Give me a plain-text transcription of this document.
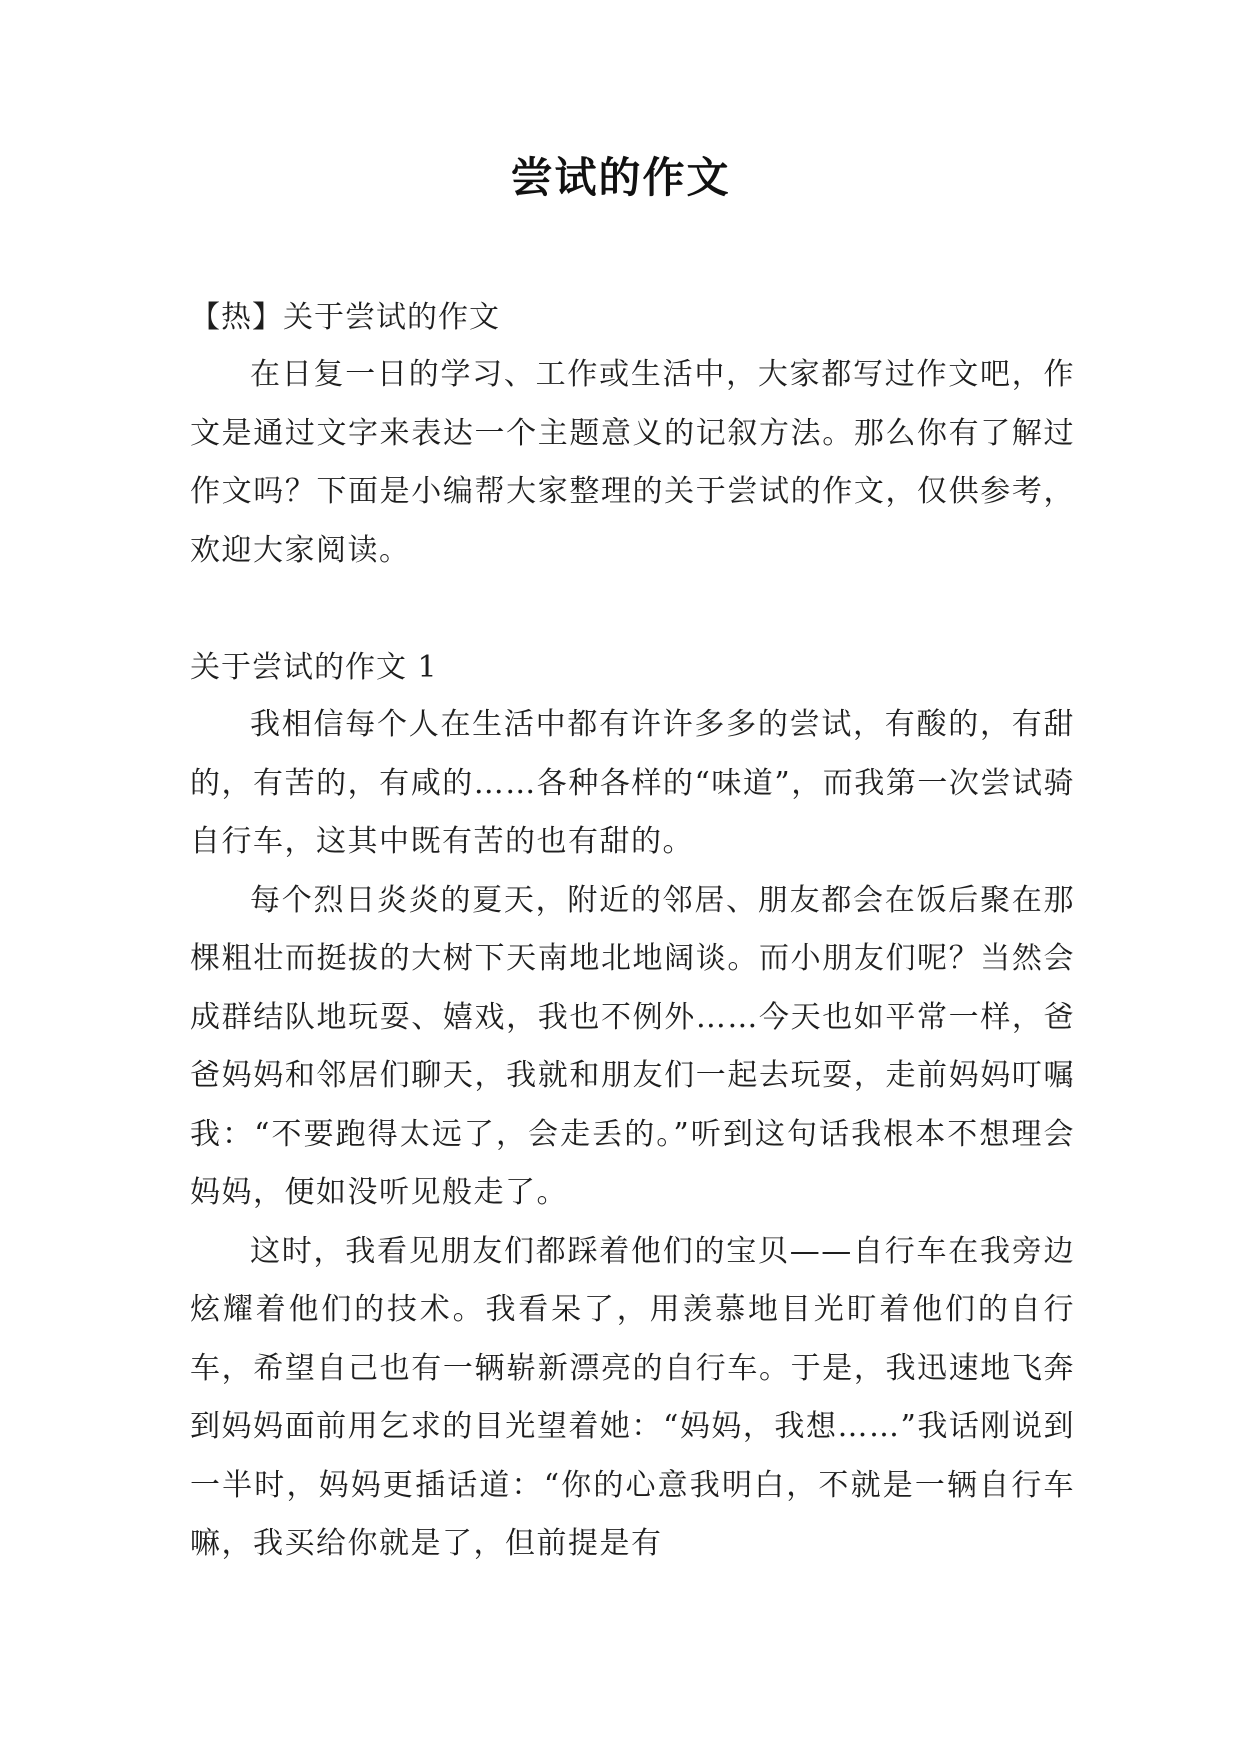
尝试的作文

【热】关于尝试的作文

在日复一日的学习、工作或生活中，大家都写过作文吧，作文是通过文字来表达一个主题意义的记叙方法。那么你有了解过作文吗？下面是小编帮大家整理的关于尝试的作文，仅供参考，欢迎大家阅读。

关于尝试的作文 1

我相信每个人在生活中都有许许多多的尝试，有酸的，有甜的，有苦的，有咸的……各种各样的“味道”，而我第一次尝试骑自行车，这其中既有苦的也有甜的。

每个烈日炎炎的夏天，附近的邻居、朋友都会在饭后聚在那棵粗壮而挺拔的大树下天南地北地阔谈。而小朋友们呢？当然会成群结队地玩耍、嬉戏，我也不例外……今天也如平常一样，爸爸妈妈和邻居们聊天，我就和朋友们一起去玩耍，走前妈妈叮嘱我：“不要跑得太远了，会走丢的。”听到这句话我根本不想理会妈妈，便如没听见般走了。

这时，我看见朋友们都踩着他们的宝贝——自行车在我旁边炫耀着他们的技术。我看呆了，用羡慕地目光盯着他们的自行车，希望自己也有一辆崭新漂亮的自行车。于是，我迅速地飞奔到妈妈面前用乞求的目光望着她：“妈妈，我想……”我话刚说到一半时，妈妈更插话道：“你的心意我明白，不就是一辆自行车嘛，我买给你就是了，但前提是有
